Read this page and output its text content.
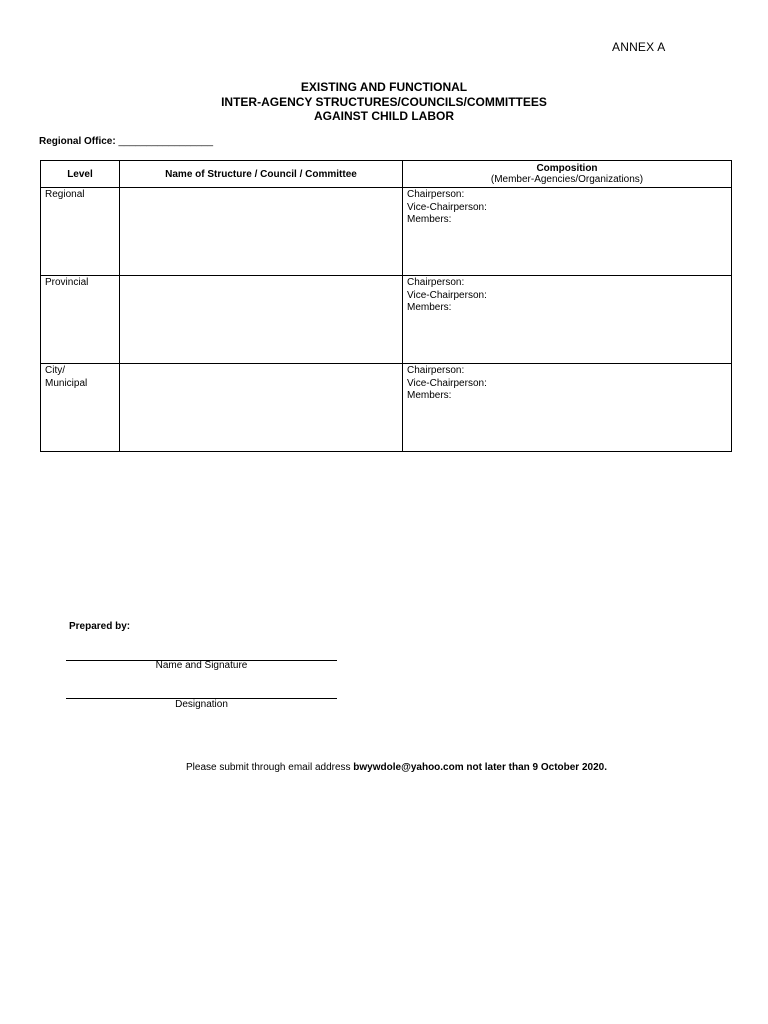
ANNEX A
EXISTING AND FUNCTIONAL
INTER-AGENCY STRUCTURES/COUNCILS/COMMITTEES
AGAINST CHILD LABOR
Regional Office: _________________
Level	Name of Structure / Council / Committee	Composition
(Member-Agencies/Organizations)

Regional		Chairperson:
Vice-Chairperson:
Members:

Provincial		Chairperson:
Vice-Chairperson:
Members:

City/
Municipal		Chairperson:
Vice-Chairperson:
Members:
Prepared by:
Name and Signature
Designation
Please submit through email address bwywdole@yahoo.com not later than 9 October 2020.
